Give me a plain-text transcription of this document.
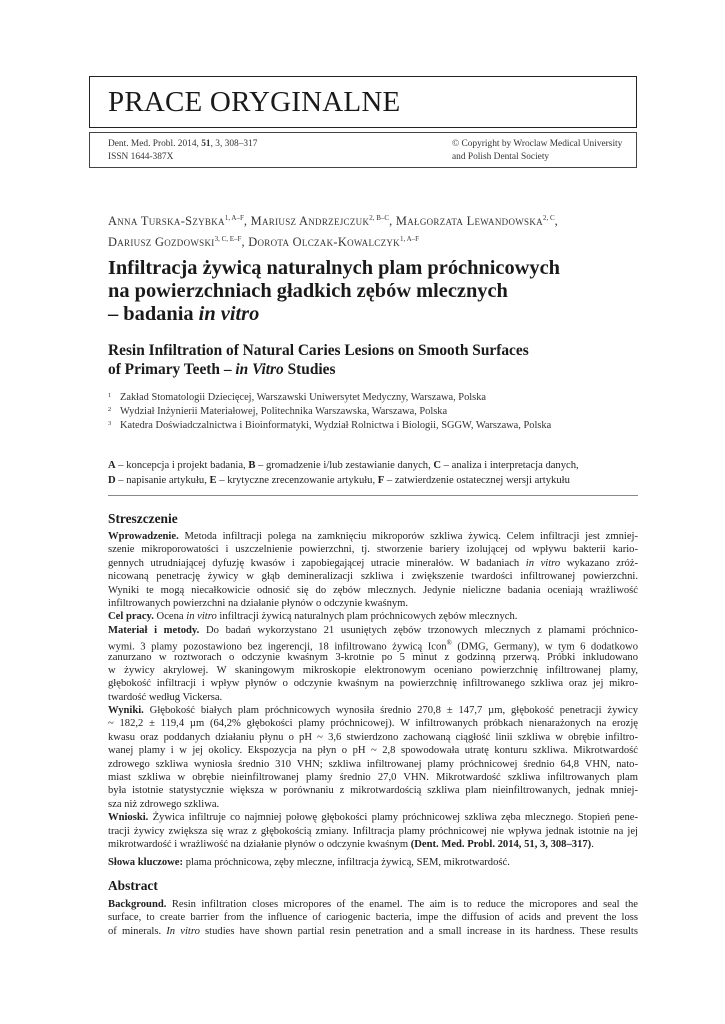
PRACE ORYGINALNE
Dent. Med. Probl. 2014, 51, 3, 308–317
ISSN 1644-387X
© Copyright by Wroclaw Medical University
and Polish Dental Society
Anna Turska-Szybka$^{1, A-F}$, Mariusz Andrzejczuk$^{2, B-C}$, Małgorzata Lewandowska$^{2, C}$,
Dariusz Gozdowski$^{3, C, E-F}$, Dorota Olczak-Kowalczyk$^{1, A-F}$
Infiltracja żywicą naturalnych plam próchnicowych
na powierzchniach gładkich zębów mlecznych
– badania in vitro
Resin Infiltration of Natural Caries Lesions on Smooth Surfaces
of Primary Teeth – in Vitro Studies
1 Zakład Stomatologii Dziecięcej, Warszawski Uniwersytet Medyczny, Warszawa, Polska
2 Wydział Inżynierii Materiałowej, Politechnika Warszawska, Warszawa, Polska
3 Katedra Doświadczalnictwa i Bioinformatyki, Wydział Rolnictwa i Biologii, SGGW, Warszawa, Polska
A – koncepcja i projekt badania, B – gromadzenie i/lub zestawianie danych, C – analiza i interpretacja danych,
D – napisanie artykułu, E – krytyczne zrecenzowanie artykułu, F – zatwierdzenie ostatecznej wersji artykułu
Streszczenie
Wprowadzenie. Metoda infiltracji polega na zamknięciu mikroporów szkliwa żywicą. Celem infiltracji jest zmniej-
szenie mikroporowatości i uszczelnienie powierzchni, tj. stworzenie bariery izolującej od wpływu bakterii kario-
gennych utrudniającej dyfuzję kwasów i zapobiegającej utracie minerałów. W badaniach in vitro wykazano zróż-
nicowaną penetrację żywicy w głąb demineralizacji szkliwa i zwiększenie twardości infiltrowanej powierzchni.
Wyniki te mogą niecałkowicie odnosić się do zębów mlecznych. Jedynie nieliczne badania oceniają wrażliwość
infiltrowanych powierzchni na działanie płynów o odczynie kwaśnym.
Cel pracy. Ocena in vitro infiltracji żywicą naturalnych plam próchnicowych zębów mlecznych.
Materiał i metody. Do badań wykorzystano 21 usuniętych zębów trzonowych mlecznych z plamami próchnico-
wymi. 3 plamy pozostawiono bez ingerencji, 18 infiltrowano żywicą Icon® (DMG, Germany), w tym 6 dodatkowo
zanurzano w roztworach o odczynie kwaśnym 3-krotnie po 5 minut z godzinną przerwą. Próbki inkludowano
w żywicy akrylowej. W skaningowym mikroskopie elektronowym oceniano powierzchnię infiltrowanej plamy,
głębokość infiltracji i wpływ płynów o odczynie kwaśnym na powierzchnię infiltrowanego szkliwa oraz jej mikro-
twardość według Vickersa.
Wyniki. Głębokość białych plam próchnicowych wynosiła średnio 270,8 ± 147,7 µm, głębokość penetracji żywicy
~ 182,2 ± 119,4 µm (64,2% głębokości plamy próchnicowej). W infiltrowanych próbkach nienarażonych na erozję
kwasu oraz poddanych działaniu płynu o pH ~ 3,6 stwierdzono zachowaną ciągłość linii szkliwa w obrębie infiltro-
wanej plamy i w jej okolicy. Ekspozycja na płyn o pH ~ 2,8 spowodowała utratę konturu szkliwa. Mikrotwardość
zdrowego szkliwa wyniosła średnio 310 VHN; szkliwa infiltrowanej plamy próchnicowej średnio 64,8 VHN, nato-
miast szkliwa w obrębie nieinfiltrowanej plamy średnio 27,0 VHN. Mikrotwardość szkliwa infiltrowanych plam
była istotnie statystycznie większa w porównaniu z mikrotwardością szkliwa plam nieinfiltrowanych, jednak mniej-
sza niż zdrowego szkliwa.
Wnioski. Żywica infiltruje co najmniej połowę głębokości plamy próchnicowej szkliwa zęba mlecznego. Stopień pene-
tracji żywicy zwiększa się wraz z głębokością zmiany. Infiltracja plamy próchnicowej nie wpływa jednak istotnie na jej
mikrotwardość i wrażliwość na działanie płynów o odczynie kwaśnym (Dent. Med. Probl. 2014, 51, 3, 308–317).
Słowa kluczowe: plama próchnicowa, zęby mleczne, infiltracja żywicą, SEM, mikrotwardość.
Abstract
Background. Resin infiltration closes micropores of the enamel. The aim is to reduce the micropores and seal the
surface, to create barrier from the influence of cariogenic bacteria, impe the diffusion of acids and prevent the loss
of minerals. In vitro studies have shown partial resin penetration and a small increase in its hardness. These results
